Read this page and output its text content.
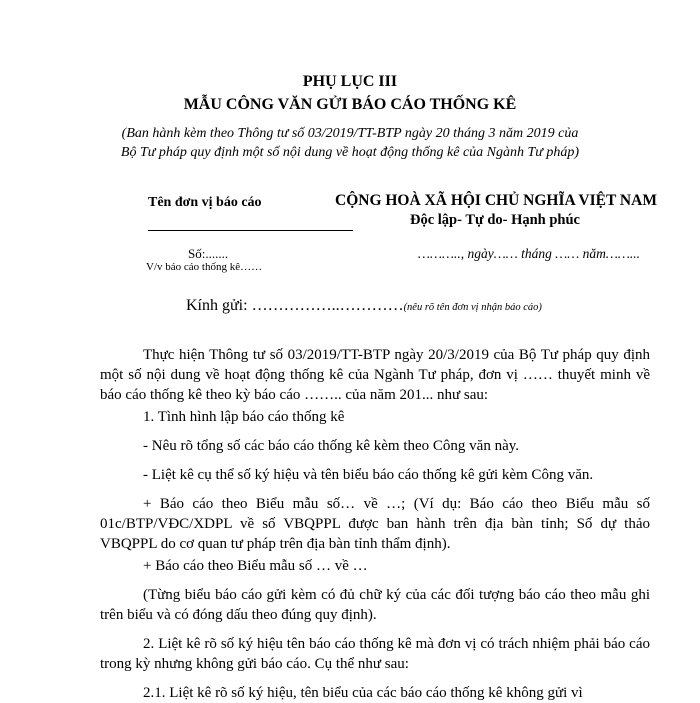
PHỤ LỤC III
MẪU CÔNG VĂN GỬI BÁO CÁO THỐNG KÊ
(Ban hành kèm theo Thông tư số 03/2019/TT-BTP ngày 20 tháng 3 năm 2019 của
Bộ Tư pháp quy định một số nội dung về hoạt động thống kê của Ngành Tư pháp)
Tên đơn vị báo cáo	CỘNG HOÀ XÃ HỘI CHỦ NGHĨA VIỆT NAM
Độc lập- Tự do- Hạnh phúc
Số:.......
V/v báo cáo thống kê……
……….., ngày…… tháng …… năm……...
Kính gửi: ……………..…………(nêu rõ tên đơn vị nhận báo cáo)
Thực hiện Thông tư số 03/2019/TT-BTP ngày 20/3/2019 của Bộ Tư pháp quy định một số nội dung về hoạt động thống kê của Ngành Tư pháp, đơn vị …… thuyết minh về báo cáo thống kê theo kỳ báo cáo …….. của năm 201... như sau:
1. Tình hình lập báo cáo thống kê
- Nêu rõ tổng số các báo cáo thống kê kèm theo Công văn này.
- Liệt kê cụ thể số ký hiệu và tên biểu báo cáo thống kê gửi kèm Công văn.
+ Báo cáo theo Biểu mẫu số… về …; (Ví dụ: Báo cáo theo Biểu mẫu số 01c/BTP/VĐC/XDPL về số VBQPPL được ban hành trên địa bàn tỉnh; Số dự thảo VBQPPL do cơ quan tư pháp trên địa bàn tỉnh thẩm định).
+ Báo cáo theo Biểu mẫu số … về …
(Từng biểu báo cáo gửi kèm có đủ chữ ký của các đối tượng báo cáo theo mẫu ghi trên biểu và có đóng dấu theo đúng quy định).
2. Liệt kê rõ số ký hiệu tên báo cáo thống kê mà đơn vị có trách nhiệm phải báo cáo trong kỳ nhưng không gửi báo cáo. Cụ thể như sau:
2.1. Liệt kê rõ số ký hiệu, tên biểu của các báo cáo thống kê không gửi vì
